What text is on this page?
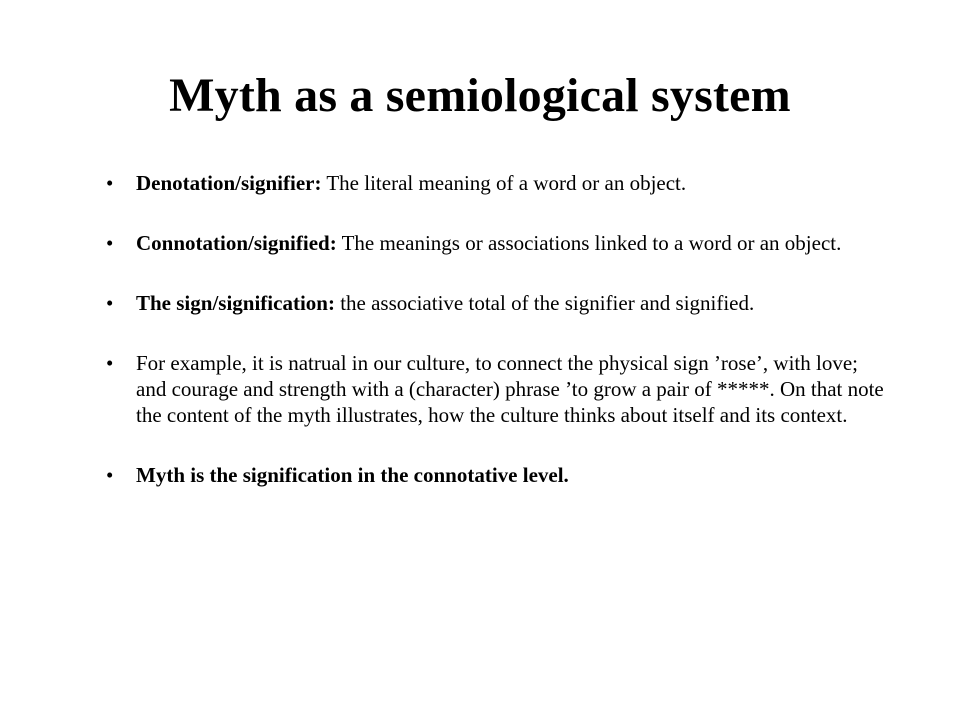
Myth as a semiological system
•	Denotation/signifier: The literal meaning of a word or an object.
•	Connotation/signified: The meanings or associations linked to a word or an object.
•	The sign/signification: the associative total of the signifier and signified.
•	For example, it is natrual in our culture, to connect the physical sign ’rose’, with love; and courage and strength with a (character) phrase ’to grow a pair of *****. On that note the content of the myth illustrates, how the culture thinks about itself and its context.
•	Myth is the signification in the connotative level.
